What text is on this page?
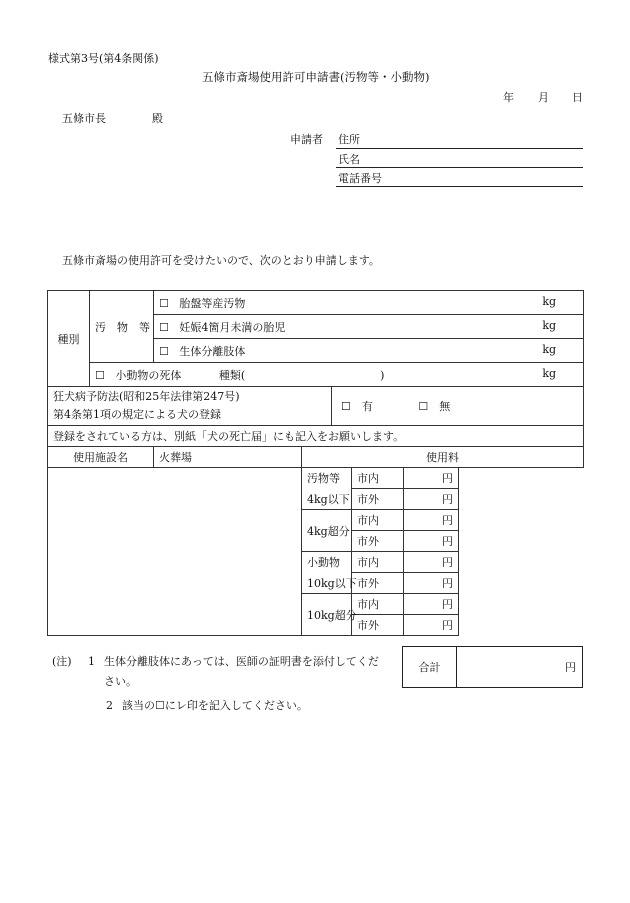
様式第3号(第4条関係)
五條市斎場使用許可申請書(汚物等・小動物)
年 月 日
五條市長	殿
申請者 住所
氏名
電話番号
五條市斎場の使用許可を受けたいので、次のとおり申請します。
種別	汚　物　等	☐ 胎盤等産汚物 kg				

		☐ 妊娠4箇月未満の胎児 kg				

		☐ 生体分離肢体 kg				

	☐ 小動物の死体 種類( ) kg					

狂犬病予防法(昭和25年法律第247号)
第4条第1項の規定による犬の登録				☐　有 ☐　無		
登録をされている方は、別紙「犬の死亡届」にも記入をお願いします。						
使用施設名		火葬場	使用料			
			汚物等		市内	円
			4kg以下		市外	円
			4kg超分		市内	円
					市外	円
			小動物		市内	円
			10kg以下		市外	円
			10kg超分		市内	円
					市外	円
(注)	1 生体分離肢体にあっては、医師の証明書を添付してくだ
さい。
2 該当の☐にレ印を記入してください。
合計	円
